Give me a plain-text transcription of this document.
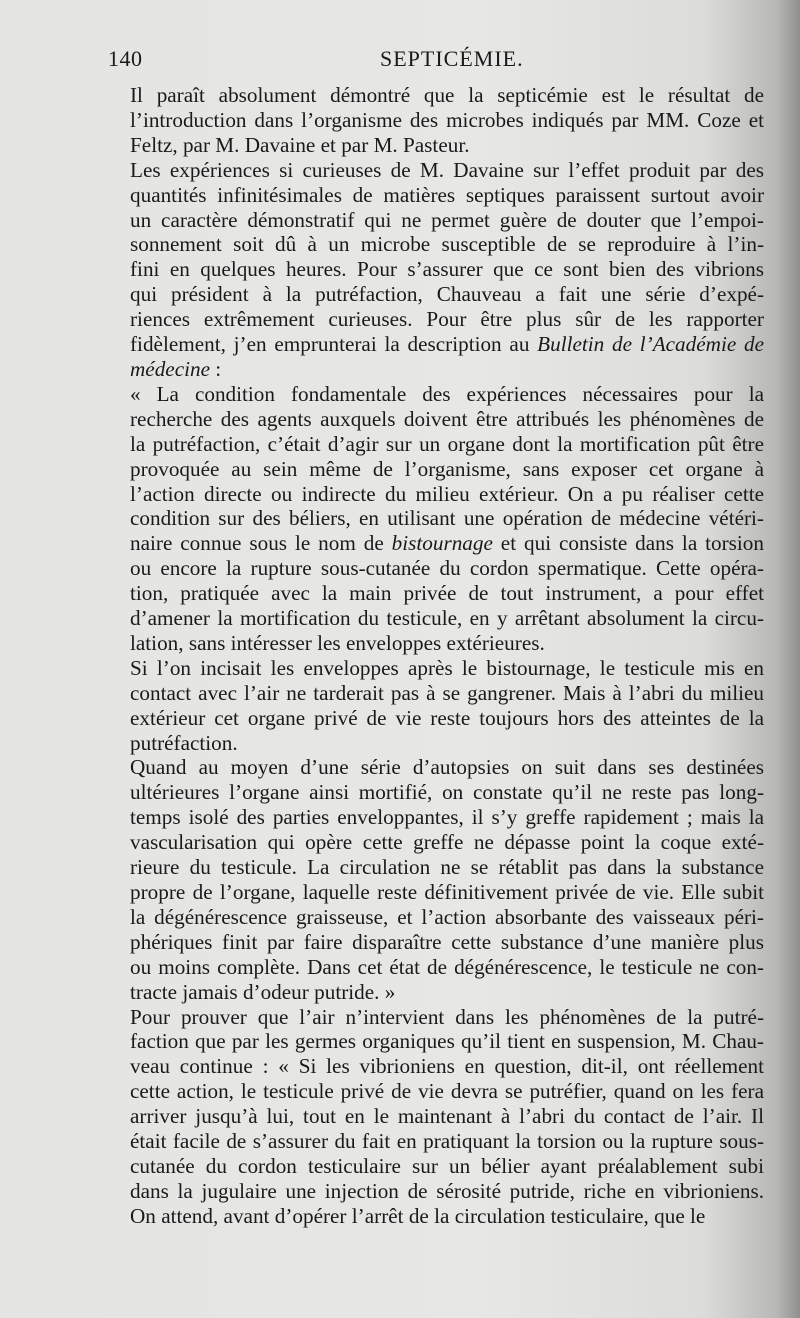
140	SEPTICÉMIE.

Il paraît absolument démontré que la septicémie est le résultat de
l’introduction dans l’organisme des microbes indiqués par MM. Coze et
Feltz, par M. Davaine et par M. Pasteur.

Les expériences si curieuses de M. Davaine sur l’effet produit par des
quantités infinitésimales de matières septiques paraissent surtout avoir
un caractère démonstratif qui ne permet guère de douter que l’empoi-
sonnement soit dû à un microbe susceptible de se reproduire à l’in-
fini en quelques heures. Pour s’assurer que ce sont bien des vibrions
qui président à la putréfaction, Chauveau a fait une série d’expé-
riences extrêmement curieuses. Pour être plus sûr de les rapporter
fidèlement, j’en emprunterai la description au Bulletin de l’Académie de
médecine :

« La condition fondamentale des expériences nécessaires pour la
recherche des agents auxquels doivent être attribués les phénomènes de
la putréfaction, c’était d’agir sur un organe dont la mortification pût être
provoquée au sein même de l’organisme, sans exposer cet organe à
l’action directe ou indirecte du milieu extérieur. On a pu réaliser cette
condition sur des béliers, en utilisant une opération de médecine vétéri-
naire connue sous le nom de bistournage et qui consiste dans la torsion
ou encore la rupture sous-cutanée du cordon spermatique. Cette opéra-
tion, pratiquée avec la main privée de tout instrument, a pour effet
d’amener la mortification du testicule, en y arrêtant absolument la circu-
lation, sans intéresser les enveloppes extérieures.

Si l’on incisait les enveloppes après le bistournage, le testicule mis en
contact avec l’air ne tarderait pas à se gangrener. Mais à l’abri du milieu
extérieur cet organe privé de vie reste toujours hors des atteintes de la
putréfaction.

Quand au moyen d’une série d’autopsies on suit dans ses destinées
ultérieures l’organe ainsi mortifié, on constate qu’il ne reste pas long-
temps isolé des parties enveloppantes, il s’y greffe rapidement ; mais la
vascularisation qui opère cette greffe ne dépasse point la coque exté-
rieure du testicule. La circulation ne se rétablit pas dans la substance
propre de l’organe, laquelle reste définitivement privée de vie. Elle subit
la dégénérescence graisseuse, et l’action absorbante des vaisseaux péri-
phériques finit par faire disparaître cette substance d’une manière plus
ou moins complète. Dans cet état de dégénérescence, le testicule ne con-
tracte jamais d’odeur putride. »

Pour prouver que l’air n’intervient dans les phénomènes de la putré-
faction que par les germes organiques qu’il tient en suspension, M. Chau-
veau continue : « Si les vibrioniens en question, dit-il, ont réellement
cette action, le testicule privé de vie devra se putréfier, quand on les fera
arriver jusqu’à lui, tout en le maintenant à l’abri du contact de l’air. Il
était facile de s’assurer du fait en pratiquant la torsion ou la rupture sous-
cutanée du cordon testiculaire sur un bélier ayant préalablement subi
dans la jugulaire une injection de sérosité putride, riche en vibrioniens.
On attend, avant d’opérer l’arrêt de la circulation testiculaire, que le
